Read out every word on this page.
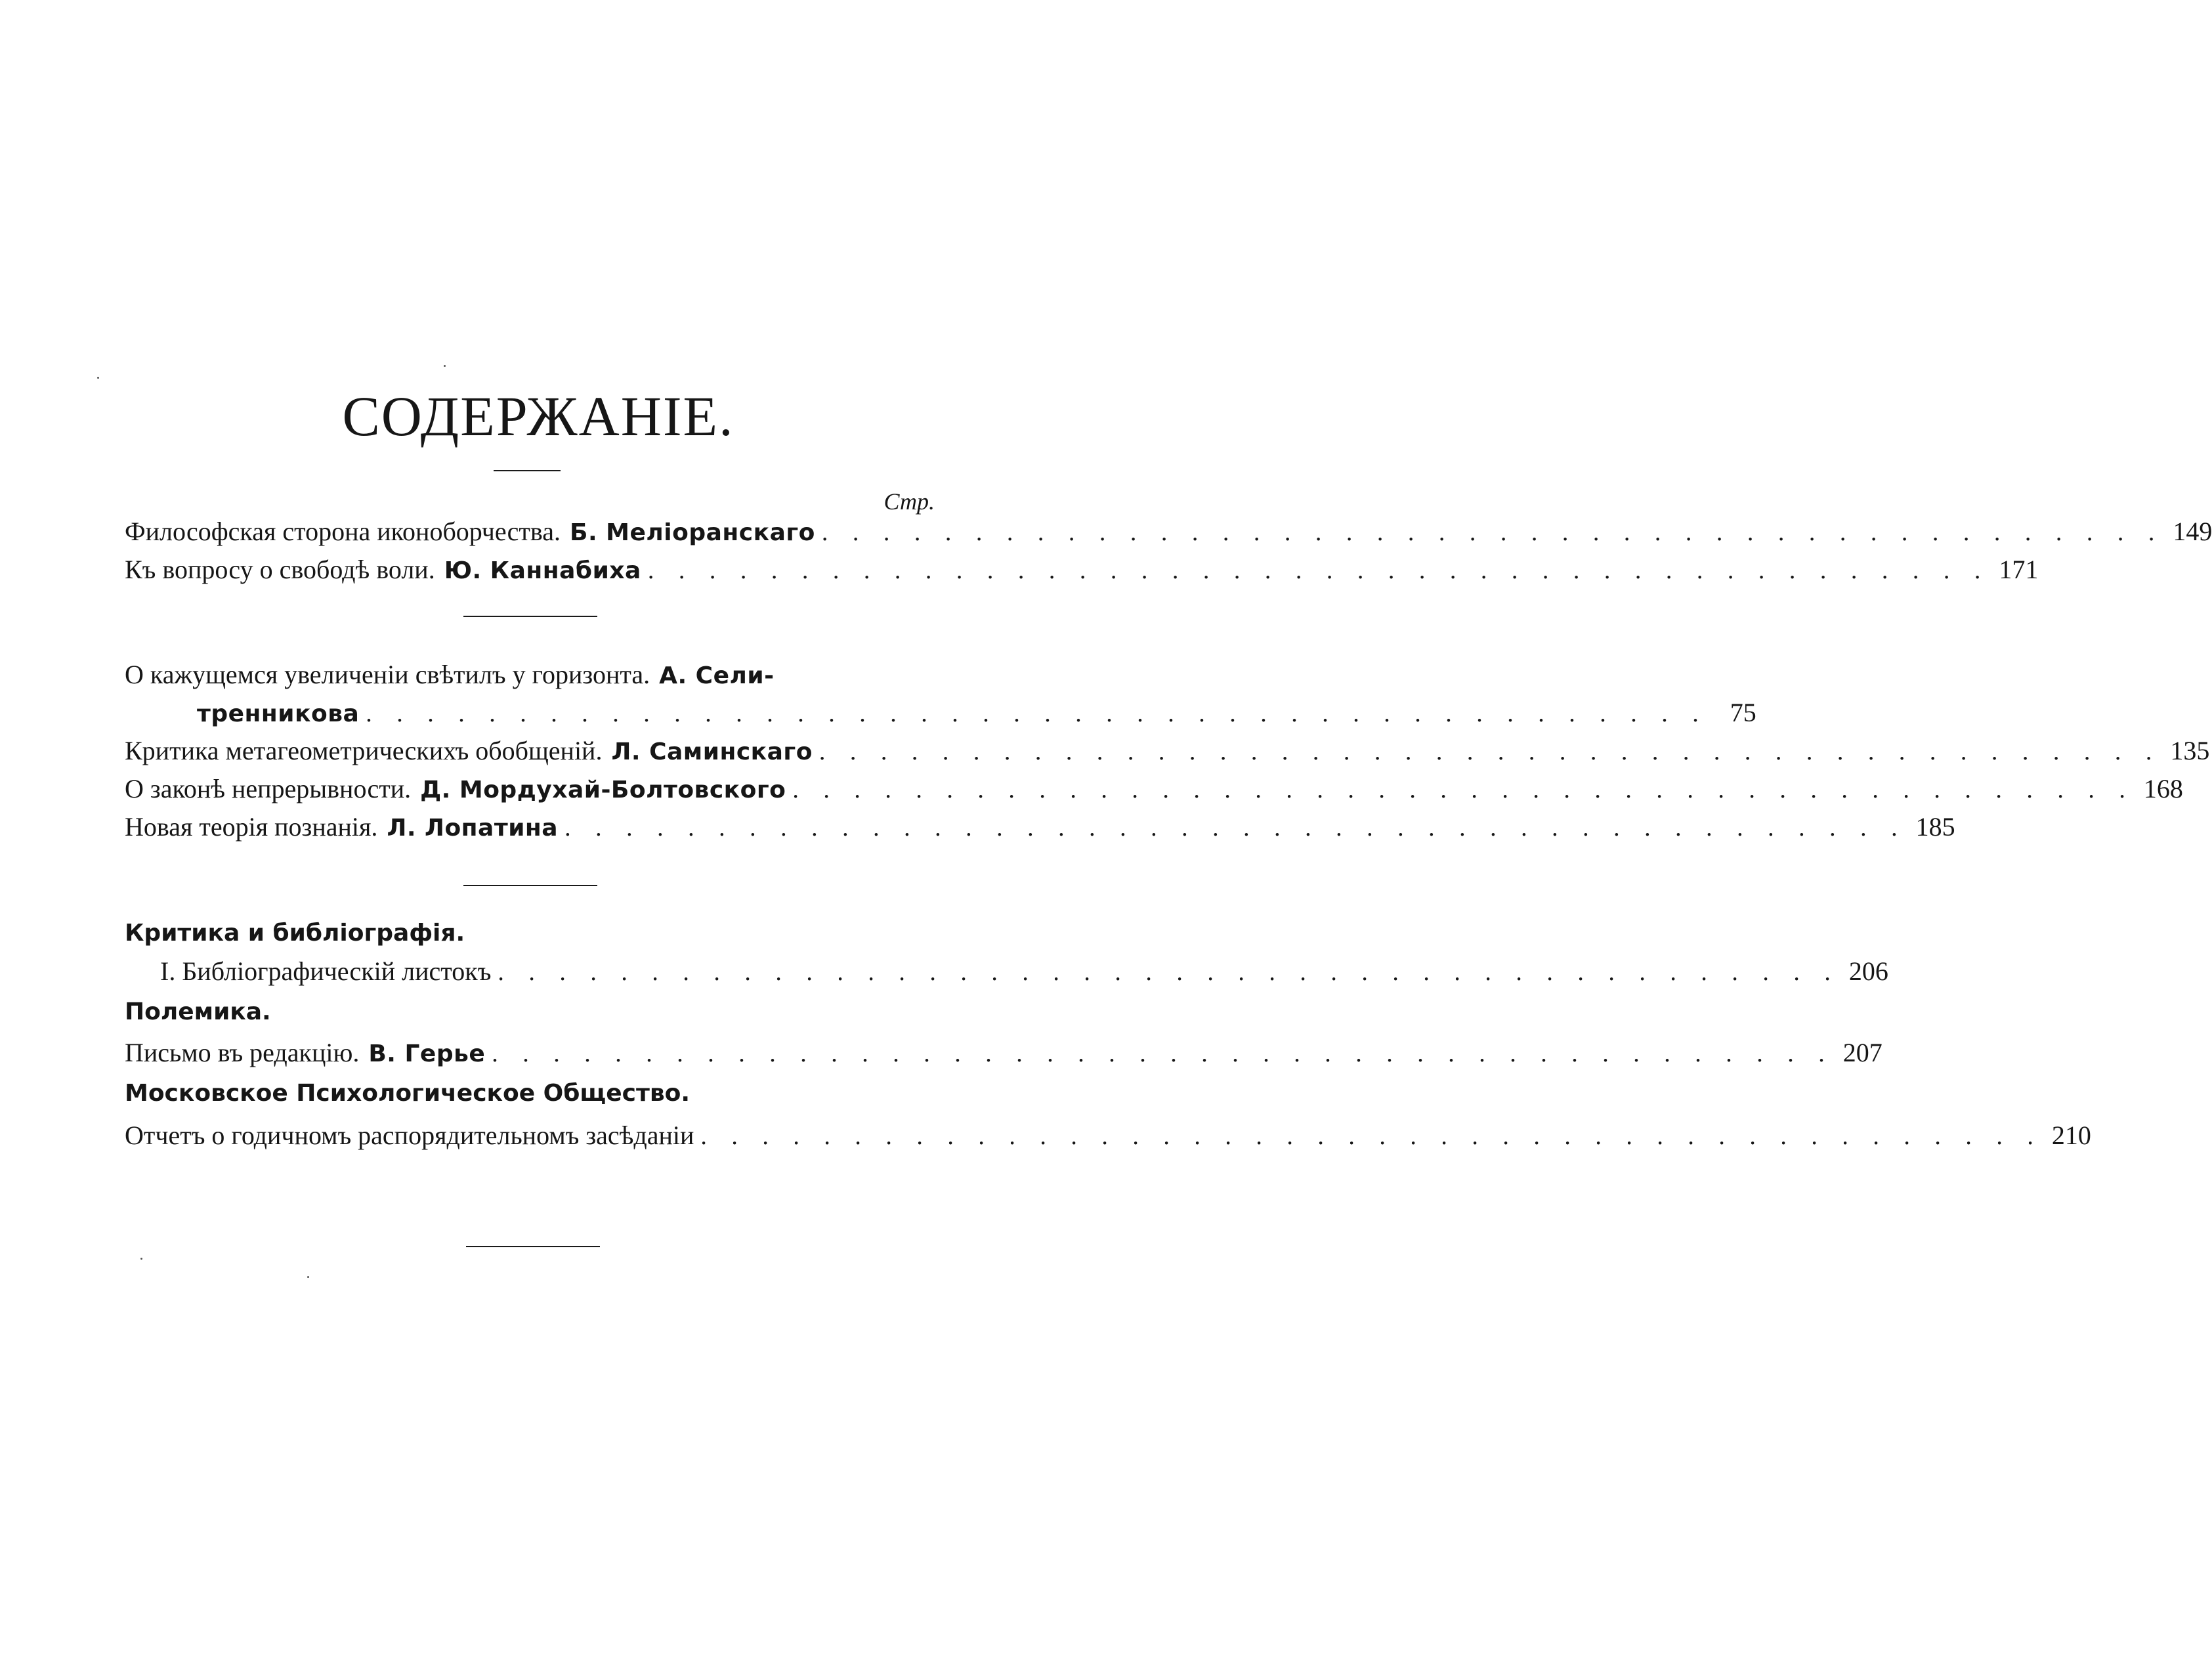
СОДЕРЖАНІЕ.
Стр.
Философская сторона иконоборчества. Б. Меліоранскаго . . . . . . . . . . . . . . . . . . . . . . . . . . . . . . . . . . . . . . . . . . . . 149
Къ вопросу о свободѣ воли. Ю. Каннабиха . . . . . . . . . . . . . . . . . . . . . . . . . . . . . . . . . . . . . . . . . . . . 171
О кажущемся увеличеніи свѣтилъ у горизонта. А. Сели-
тренникова . . . . . . . . . . . . . . . . . . . . . . . . . . . . . . . . . . . . . . . . . . . . 75
Критика метагеометрическихъ обобщеній. Л. Саминскаго . . . . . . . . . . . . . . . . . . . . . . . . . . . . . . . . . . . . . . . . . . . . 135
О законѣ непрерывности. Д. Мордухай-Болтовского . . . . . . . . . . . . . . . . . . . . . . . . . . . . . . . . . . . . . . . . . . . . 168
Новая теорія познанія. Л. Лопатина . . . . . . . . . . . . . . . . . . . . . . . . . . . . . . . . . . . . . . . . . . . . 185
Критика и библіографія.
I. Библіографическій листокъ . . . . . . . . . . . . . . . . . . . . . . . . . . . . . . . . . . . . . . . . . . . . 206
Полемика.
Письмо въ редакцію. В. Герье . . . . . . . . . . . . . . . . . . . . . . . . . . . . . . . . . . . . . . . . . . . . 207
Московское Психологическое Общество.
Отчетъ о годичномъ распорядительномъ засѣданіи . . . . . . . . . . . . . . . . . . . . . . . . . . . . . . . . . . . . . . . . . . . . 210
